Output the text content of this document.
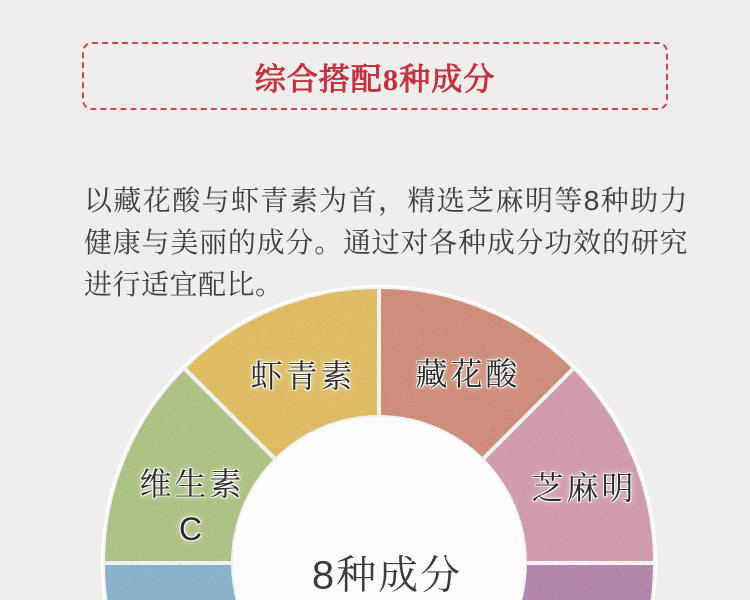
综合搭配8种成分

以藏花酸与虾青素为首，精选芝麻明等8种助力健康与美丽的成分。通过对各种成分功效的研究进行适宜配比。

虾青素 藏花酸
维生素
C
芝麻明
8种成分
